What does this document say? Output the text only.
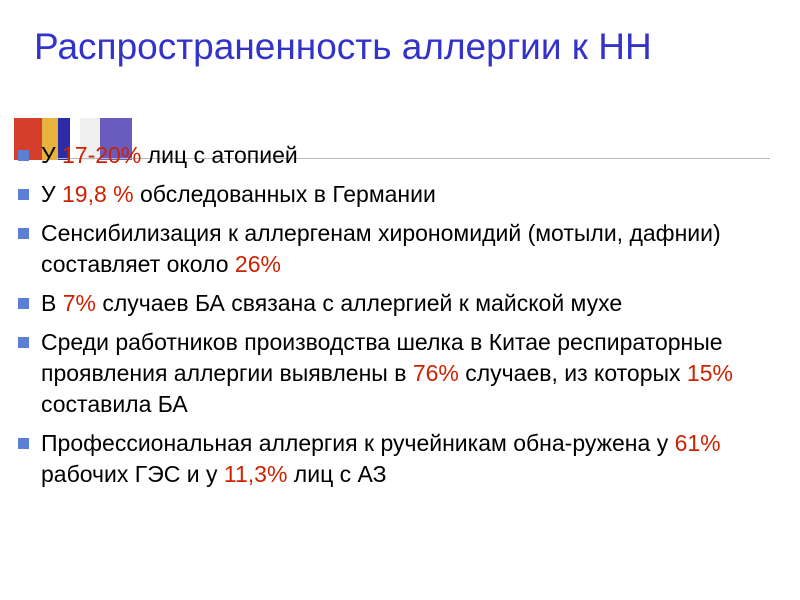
Распространенность аллергии к НН
У 17-20% лиц с атопией
У 19,8 % обследованных в Германии
Сенсибилизация к аллергенам хирономидий (мотыли, дафнии) составляет около 26%
В 7% случаев БА связана с аллергией к майской мухе
Среди работников производства шелка в Китае респираторные проявления аллергии выявлены в 76% случаев, из которых 15% составила БА
Профессиональная аллергия к ручейникам обна-ружена у 61% рабочих ГЭС и у 11,3% лиц с АЗ
